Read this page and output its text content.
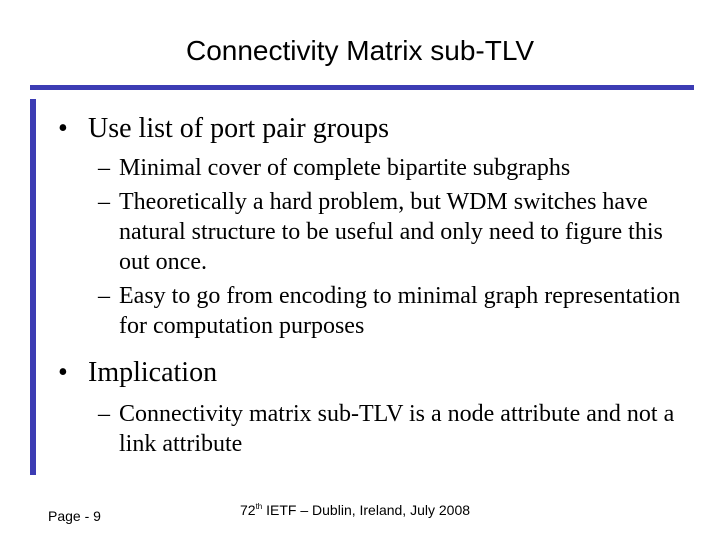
Connectivity Matrix sub-TLV
• Use list of port pair groups
– Minimal cover of complete bipartite subgraphs
– Theoretically a hard problem, but WDM switches have natural structure to be useful and only need to figure this out once.
– Easy to go from encoding to minimal graph representation for computation purposes
• Implication
– Connectivity matrix sub-TLV is a node attribute and not a link attribute
Page - 9	72th IETF – Dublin, Ireland, July 2008
